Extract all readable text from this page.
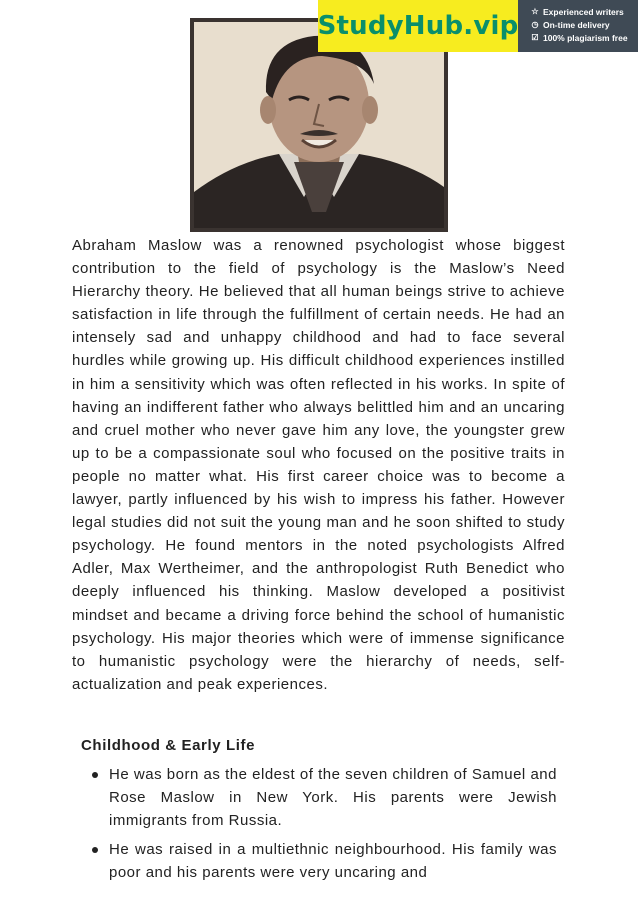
StudyHub.vip ☆ Experienced writers
◷ On-time delivery
☑ 100% plagiarism free

Abraham Maslow was a renowned psychologist whose biggest contribution to the field of psychology is the Maslow’s Need Hierarchy theory. He believed that all human beings strive to achieve satisfaction in life through the fulfillment of certain needs. He had an intensely sad and unhappy childhood and had to face several hurdles while growing up. His difficult childhood experiences instilled in him a sensitivity which was often reflected in his works. In spite of having an indifferent father who always belittled him and an uncaring and cruel mother who never gave him any love, the youngster grew up to be a compassionate soul who focused on the positive traits in people no matter what. His first career choice was to become a lawyer, partly influenced by his wish to impress his father. However legal studies did not suit the young man and he soon shifted to study psychology. He found mentors in the noted psychologists Alfred Adler, Max Wertheimer, and the anthropologist Ruth Benedict who deeply influenced his thinking. Maslow developed a positivist mindset and became a driving force behind the school of humanistic psychology. His major theories which were of immense significance to humanistic psychology were the hierarchy of needs, self-actualization and peak experiences.

Childhood & Early Life
He was born as the eldest of the seven children of Samuel and Rose Maslow in New York. His parents were Jewish immigrants from Russia.
He was raised in a multiethnic neighbourhood. His family was poor and his parents were very uncaring and
